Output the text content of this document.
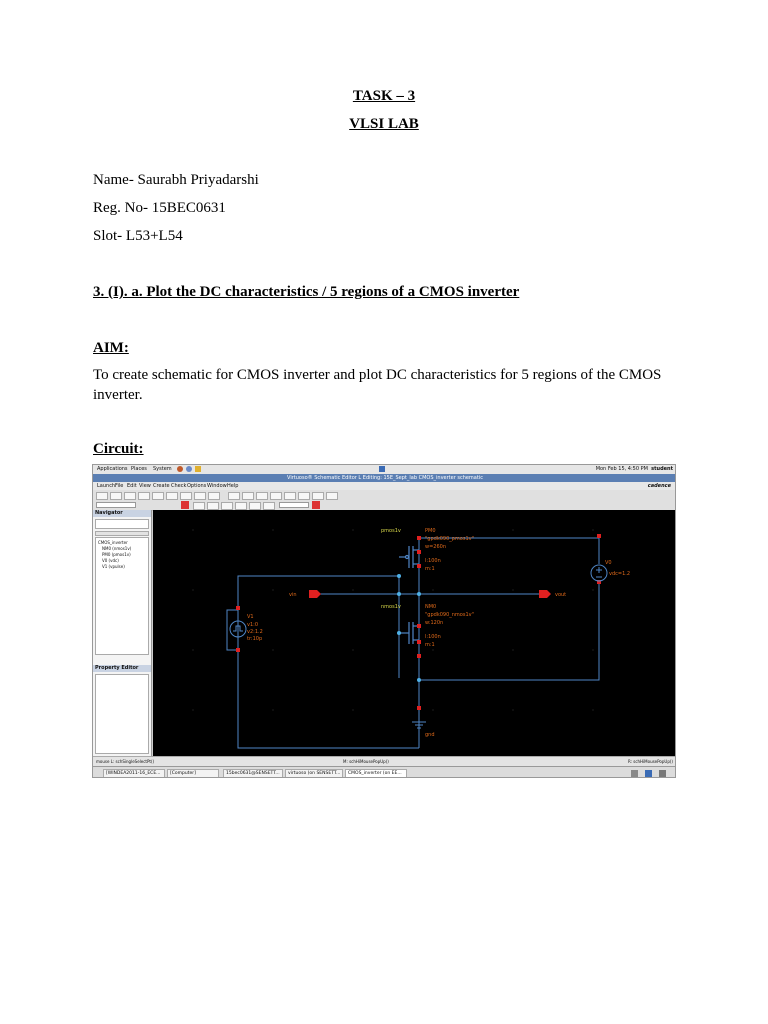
TASK – 3
VLSI LAB
Name- Saurabh Priyadarshi
Reg. No- 15BEC0631
Slot- L53+L54
3. (I). a. Plot the DC characteristics / 5 regions of a CMOS inverter
AIM:
To create schematic for CMOS inverter and plot DC characteristics for 5 regions of the CMOS inverter.
Circuit:
Applications Places System	Mon Feb 15, 4:50 PM student
Virtuoso® Schematic Editor L Editing: 15E_Sept_lab CMOS_inverter schematic
Launch File Edit View Create Check Options Window Help	cadence
Navigator
CMOS_inverter
NM0 (nmos1v)
PM0 (pmos1v)
V0 (vdc)
V1 (vpulse)
Property Editor
pmos1v
nmos1v
PM0
"gpdk090_pmos1v"
w=260n
l:100n
m:1
NM0
"gpdk090_nmos1v"
w:120n
l:100n
m:1
vin	vout
V1
v1:0
v2:1.2
tr:10p
V0
vdc=1.2
gnd
mouse L: schSingleSelectPt()	M: schHiMousePopUp()	R: schHiMousePopUp()
[WINDEA2011-16_ECE...	[Computer]	15bec0631@SENSETT...	virtuoso (on SENSETT...	CMOS_inverter (on EE...
